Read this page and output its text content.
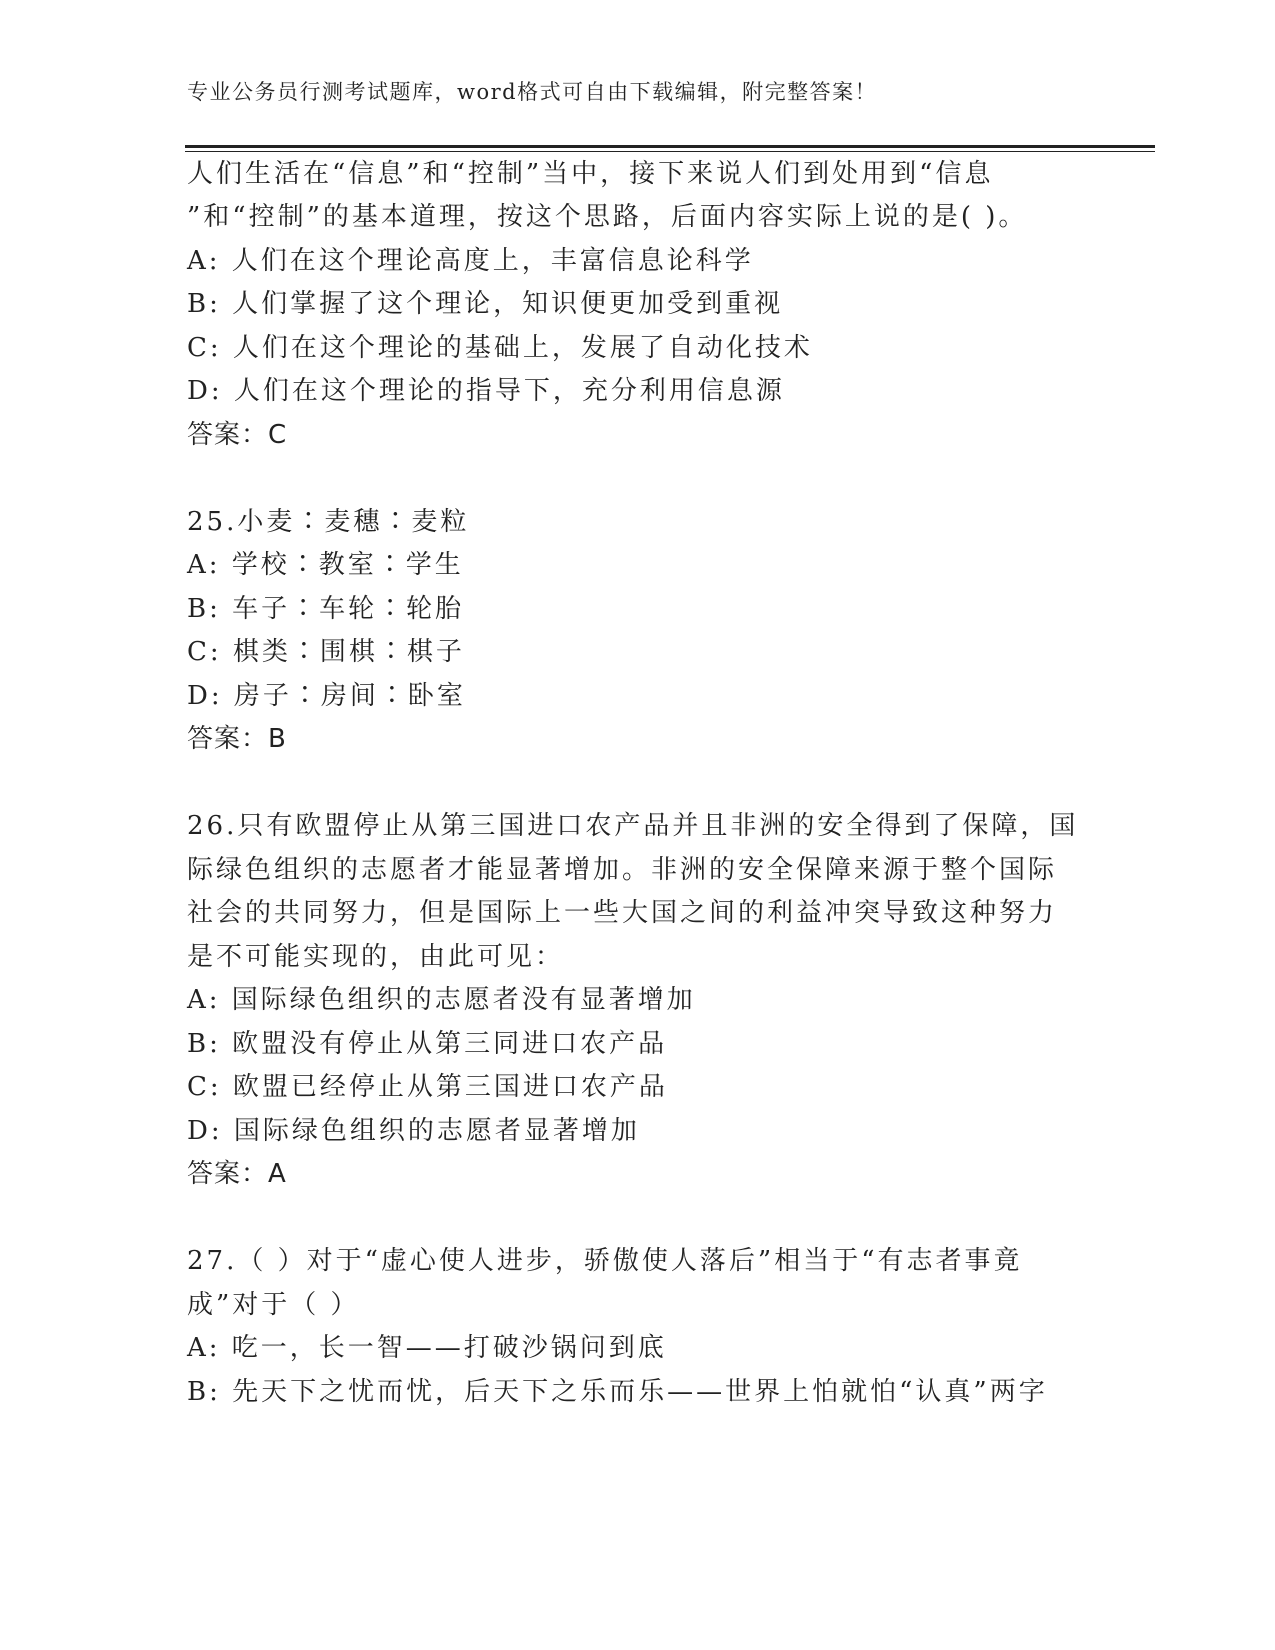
专业公务员行测考试题库，word格式可自由下载编辑，附完整答案！
人们生活在“信息”和“控制”当中，接下来说人们到处用到“信息
”和“控制”的基本道理，按这个思路，后面内容实际上说的是( )。
A: 人们在这个理论高度上，丰富信息论科学
B: 人们掌握了这个理论，知识便更加受到重视
C: 人们在这个理论的基础上，发展了自动化技术
D: 人们在这个理论的指导下，充分利用信息源
答案：C
25.小麦∶麦穗∶麦粒
A: 学校∶教室∶学生
B: 车子∶车轮∶轮胎
C: 棋类∶围棋∶棋子
D: 房子∶房间∶卧室
答案：B
26.只有欧盟停止从第三国进口农产品并且非洲的安全得到了保障，国
际绿色组织的志愿者才能显著增加。非洲的安全保障来源于整个国际
社会的共同努力，但是国际上一些大国之间的利益冲突导致这种努力
是不可能实现的，由此可见：
A: 国际绿色组织的志愿者没有显著增加
B: 欧盟没有停止从第三同进口农产品
C: 欧盟已经停止从第三国进口农产品
D: 国际绿色组织的志愿者显著增加
答案：A
27.（ ）对于“虚心使人进步，骄傲使人落后”相当于“有志者事竟
成”对于（ ）
A: 吃一，长一智——打破沙锅问到底
B: 先天下之忧而忧，后天下之乐而乐——世界上怕就怕“认真”两字
